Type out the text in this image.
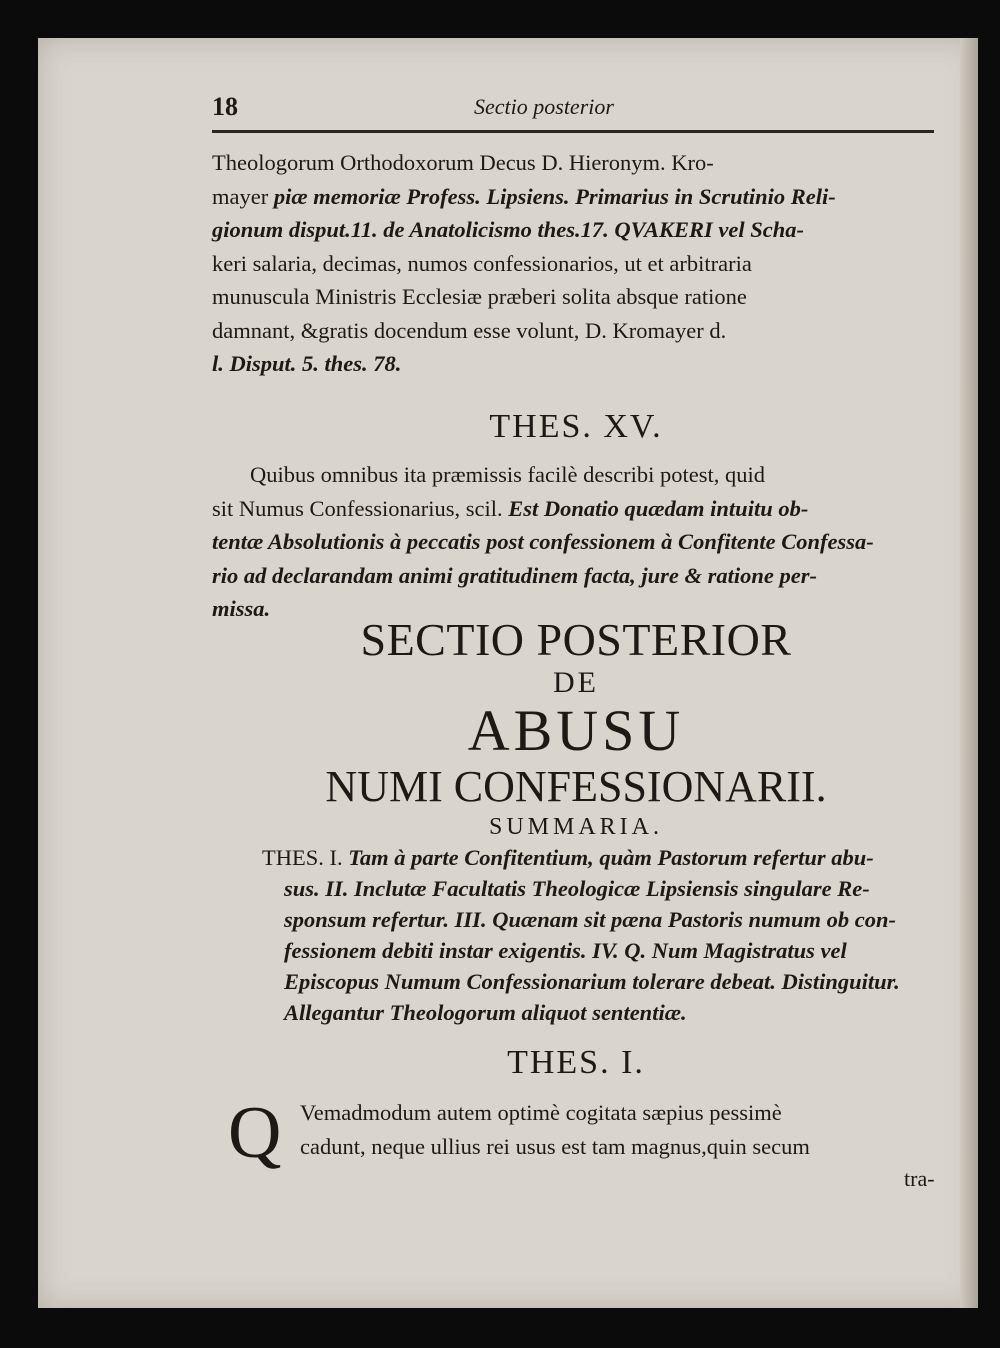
18	Sectio posterior
Theologorum Orthodoxorum Decus D. Hieronym. Kro-
mayer piæ memoriæ Profess. Lipsiens. Primarius in Scrutinio Reli-
gionum disput.11. de Anatolicismo thes.17. QVAKERI vel Scha-
keri salaria, decimas, numos confessionarios, ut et arbitraria
munuscula Ministris Ecclesiæ præberi solita absque ratione
damnant, &gratis docendum esse volunt, D. Kromayer d.
l. Disput. 5. thes. 78.
THES. XV.
Quibus omnibus ita præmissis facilè describi potest, quid
sit Numus Confessionarius, scil. Est Donatio quædam intuitu ob-
tentæ Absolutionis à peccatis post confessionem à Confitente Confessa-
rio ad declarandam animi gratitudinem facta, jure & ratione per-
missa.
SECTIO POSTERIOR
DE
ABUSU
NUMI CONFESSIONARII.
SUMMARIA.
THES. I. Tam à parte Confitentium, quàm Pastorum refertur abu-
sus. II. Inclutæ Facultatis Theologicæ Lipsiensis singulare Re-
sponsum refertur. III. Quænam sit pæna Pastoris numum ob con-
fessionem debiti instar exigentis. IV. Q. Num Magistratus vel
Episcopus Numum Confessionarium tolerare debeat. Distinguitur.
Allegantur Theologorum aliquot sententiæ.
THES. I.
Q Vemadmodum autem optimè cogitata sæpius pessimè
cadunt, neque ullius rei usus est tam magnus,quin secum
tra-
